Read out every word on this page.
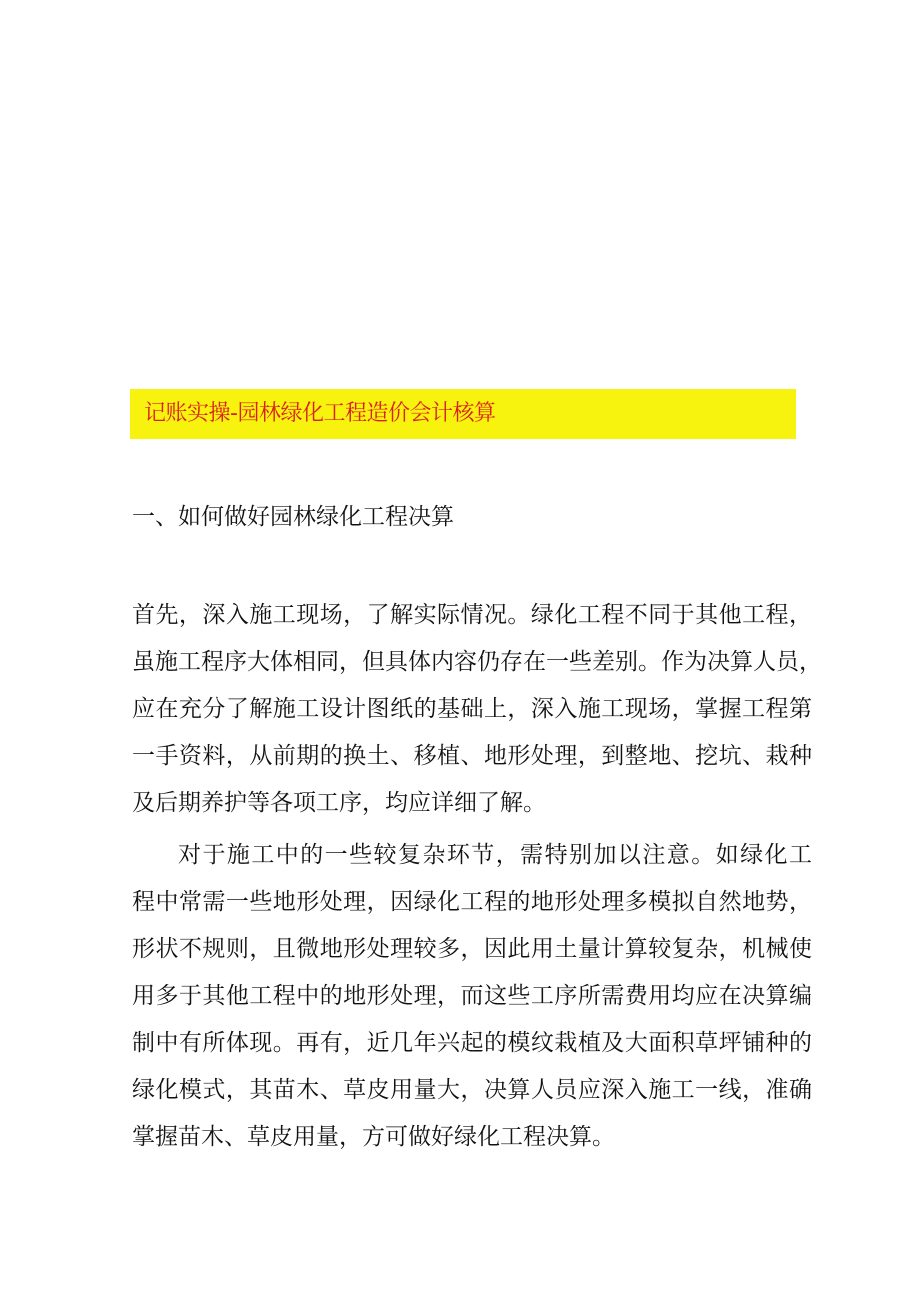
记账实操-园林绿化工程造价会计核算
一、如何做好园林绿化工程决算
首先，深入施工现场，了解实际情况。绿化工程不同于其他工程，
虽施工程序大体相同，但具体内容仍存在一些差别。作为决算人员，
应在充分了解施工设计图纸的基础上，深入施工现场，掌握工程第
一手资料，从前期的换土、移植、地形处理，到整地、挖坑、栽种
及后期养护等各项工序，均应详细了解。
对于施工中的一些较复杂环节，需特别加以注意。如绿化工
程中常需一些地形处理，因绿化工程的地形处理多模拟自然地势，
形状不规则，且微地形处理较多，因此用土量计算较复杂，机械使
用多于其他工程中的地形处理，而这些工序所需费用均应在决算编
制中有所体现。再有，近几年兴起的模纹栽植及大面积草坪铺种的
绿化模式，其苗木、草皮用量大，决算人员应深入施工一线，准确
掌握苗木、草皮用量，方可做好绿化工程决算。
